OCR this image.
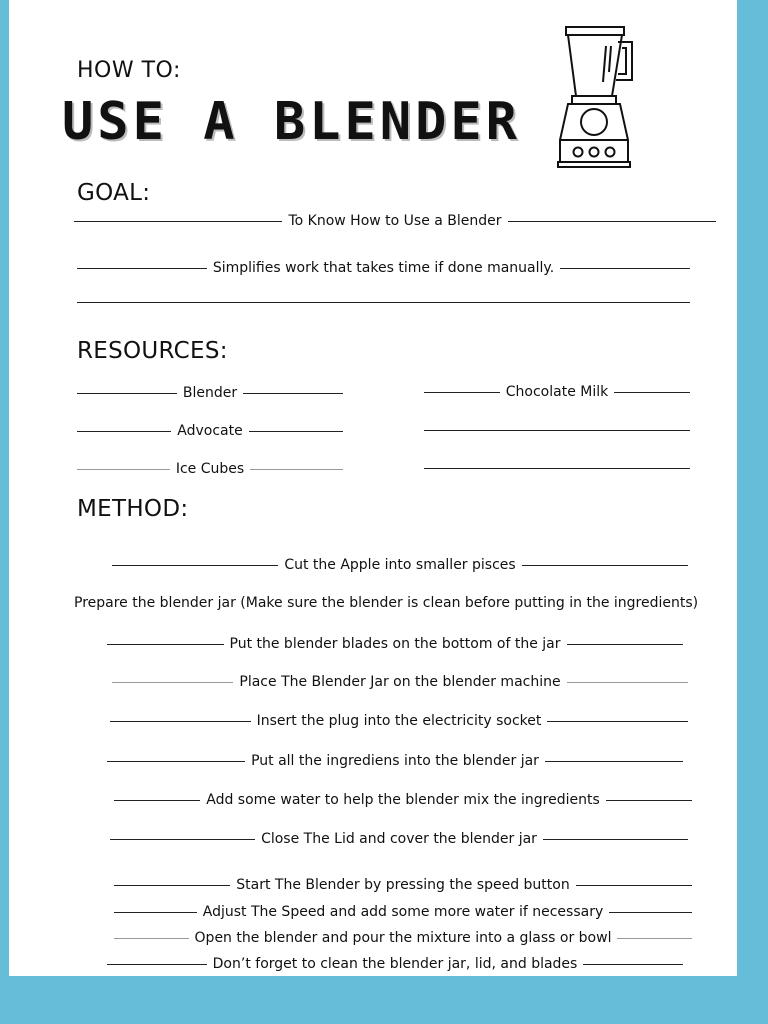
HOW TO:
USE A BLENDER
GOAL:
To Know How to Use a Blender
Simplifies work that takes time if done manually.
RESOURCES:
Blender
Advocate
Ice Cubes
Chocolate Milk
METHOD:
Cut the Apple into smaller pisces
Prepare the blender jar (Make sure the blender is clean before putting in the ingredients)
Put the blender blades on the bottom of the jar
Place The Blender Jar on the blender machine
Insert the plug into the electricity socket
Put all the ingrediens into the blender jar
Add some water to help the blender mix the ingredients
Close The Lid and cover the blender jar
Start The Blender by pressing the speed button
Adjust The Speed and add some more water if necessary
Open the blender and pour the mixture into a glass or bowl
Don’t forget to clean the blender jar, lid, and blades
